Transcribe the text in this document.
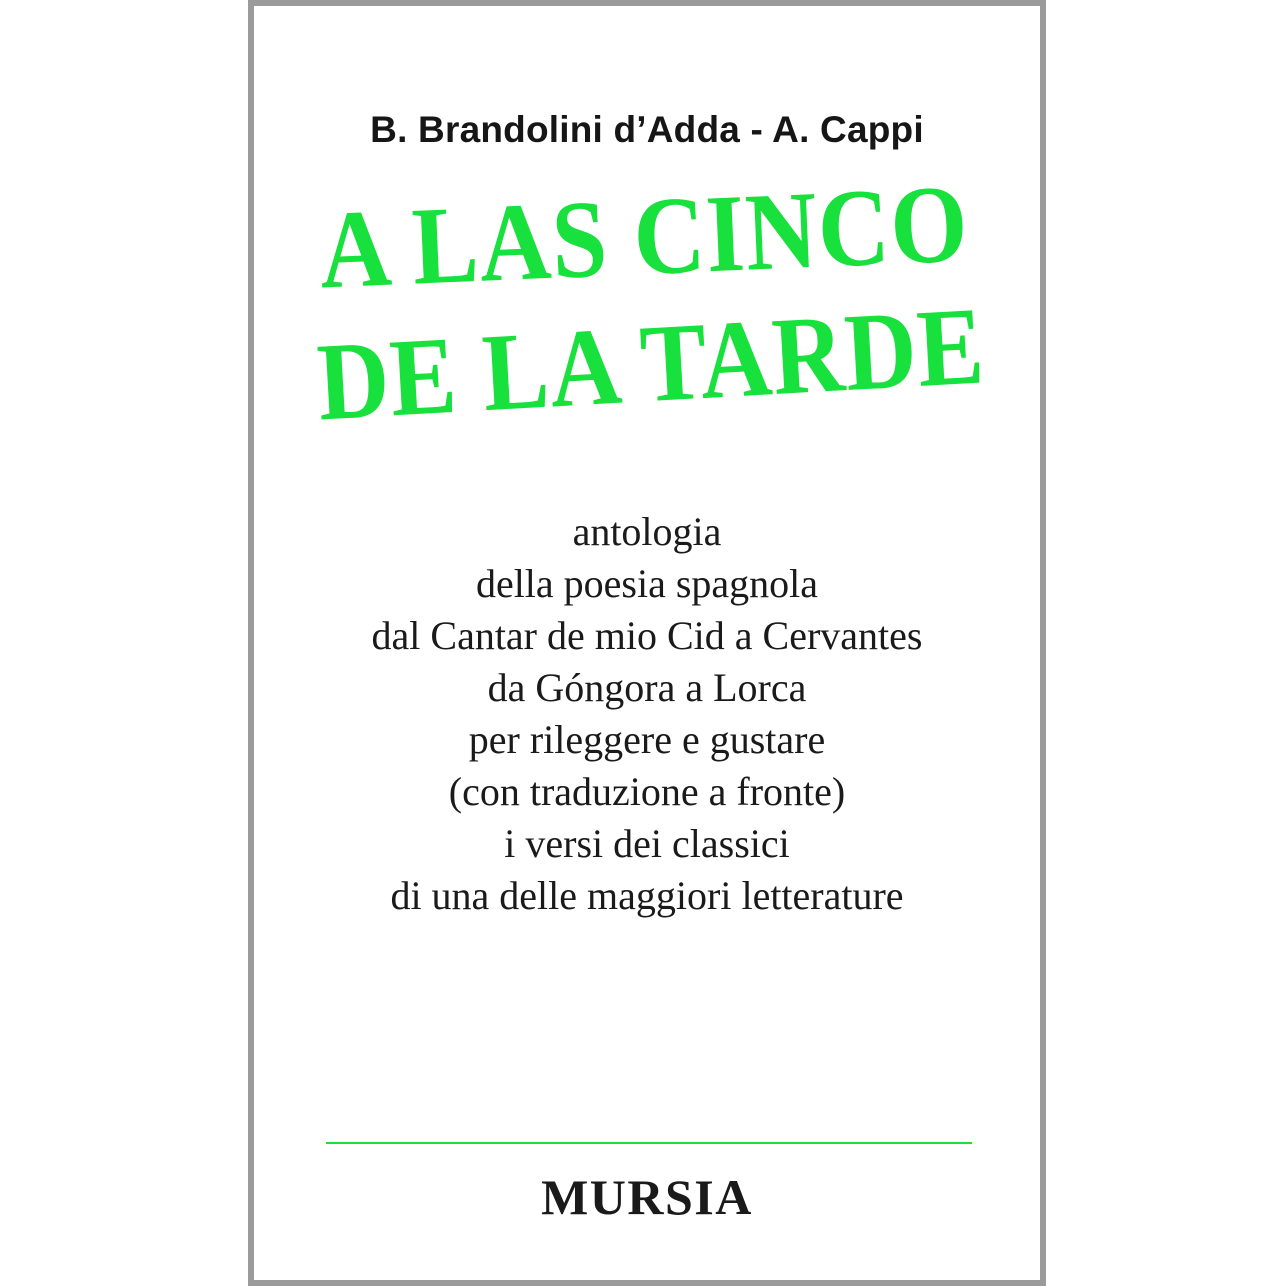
B. Brandolini d’Adda - A. Cappi
A LAS CINCO
DE LA TARDE
antologia
della poesia spagnola
dal Cantar de mio Cid a Cervantes
da Góngora a Lorca
per rileggere e gustare
(con traduzione a fronte)
i versi dei classici
di una delle maggiori letterature
MURSIA
